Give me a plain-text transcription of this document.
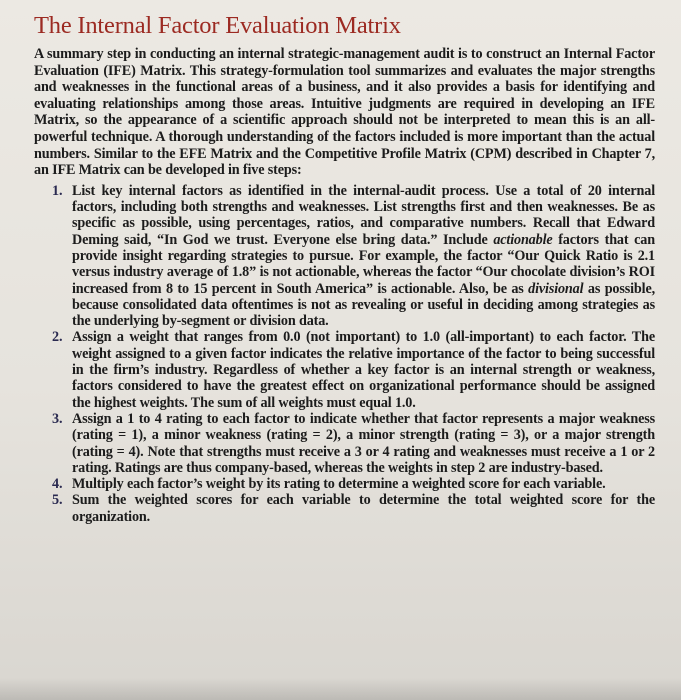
The Internal Factor Evaluation Matrix

A summary step in conducting an internal strategic-management audit is to construct an Internal Factor Evaluation (IFE) Matrix. This strategy-formulation tool summarizes and evaluates the major strengths and weaknesses in the functional areas of a business, and it also provides a basis for identifying and evaluating relationships among those areas. Intuitive judgments are required in developing an IFE Matrix, so the appearance of a scientific approach should not be interpreted to mean this is an all-powerful technique. A thorough understanding of the factors included is more important than the actual numbers. Similar to the EFE Matrix and the Competitive Profile Matrix (CPM) described in Chapter 7, an IFE Matrix can be developed in five steps:

1. List key internal factors as identified in the internal-audit process. Use a total of 20 internal factors, including both strengths and weaknesses. List strengths first and then weaknesses. Be as specific as possible, using percentages, ratios, and comparative numbers. Recall that Edward Deming said, “In God we trust. Everyone else bring data.” Include actionable factors that can provide insight regarding strategies to pursue. For example, the factor “Our Quick Ratio is 2.1 versus industry average of 1.8” is not actionable, whereas the factor “Our chocolate division’s ROI increased from 8 to 15 percent in South America” is actionable. Also, be as divisional as possible, because consolidated data oftentimes is not as revealing or useful in deciding among strategies as the underlying by-segment or division data.
2. Assign a weight that ranges from 0.0 (not important) to 1.0 (all-important) to each factor. The weight assigned to a given factor indicates the relative importance of the factor to being successful in the firm’s industry. Regardless of whether a key factor is an internal strength or weakness, factors considered to have the greatest effect on organizational performance should be assigned the highest weights. The sum of all weights must equal 1.0.
3. Assign a 1 to 4 rating to each factor to indicate whether that factor represents a major weakness (rating = 1), a minor weakness (rating = 2), a minor strength (rating = 3), or a major strength (rating = 4). Note that strengths must receive a 3 or 4 rating and weaknesses must receive a 1 or 2 rating. Ratings are thus company-based, whereas the weights in step 2 are industry-based.
4. Multiply each factor’s weight by its rating to determine a weighted score for each variable.
5. Sum the weighted scores for each variable to determine the total weighted score for the organization.
